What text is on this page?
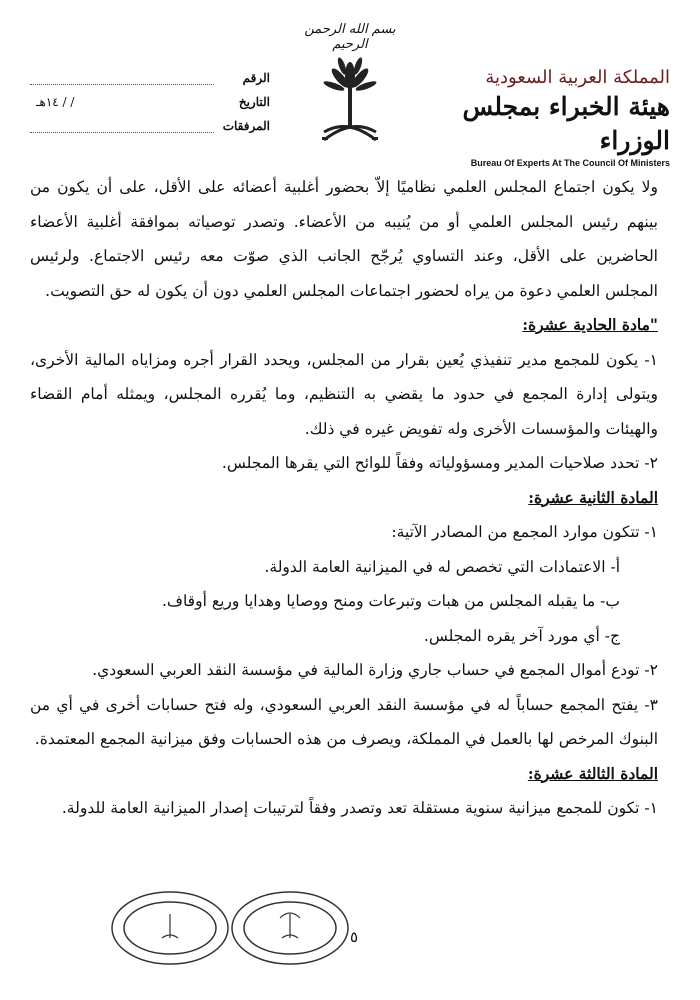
بسم الله الرحمن الرحيم
المملكة العربية السعودية
هيئة الخبراء بمجلس الوزراء
Bureau Of Experts At The Council Of Ministers
الرقم
التاريخ
/ / ١٤هـ
المرفقات

ولا يكون اجتماع المجلس العلمي نظاميًا إلاّ بحضور أغلبية أعضائه على الأقل، على أن يكون من بينهم رئيس المجلس العلمي أو من يُنيبه من الأعضاء. وتصدر توصياته بموافقة أغلبية الأعضاء الحاضرين على الأقل، وعند التساوي يُرجّح الجانب الذي صوّت معه رئيس الاجتماع. ولرئيس المجلس العلمي دعوة من يراه لحضور اجتماعات المجلس العلمي دون أن يكون له حق التصويت.

"مادة الحادية عشرة:

١- يكون للمجمع مدير تنفيذي يُعين بقرار من المجلس، ويحدد القرار أجره ومزاياه المالية الأخرى، ويتولى إدارة المجمع في حدود ما يقضي به التنظيم، وما يُقرره المجلس، ويمثله أمام القضاء والهيئات والمؤسسات الأخرى وله تفويض غيره في ذلك.

٢- تحدد صلاحيات المدير ومسؤولياته وفقاً للوائح التي يقرها المجلس.

المادة الثانية عشرة:

١- تتكون موارد المجمع من المصادر الآتية:

أ- الاعتمادات التي تخصص له في الميزانية العامة الدولة.

ب- ما يقبله المجلس من هبات وتبرعات ومنح ووصايا وهدايا وريع أوقاف.

ج- أي مورد آخر يقره المجلس.

٢- تودع أموال المجمع في حساب جاري وزارة المالية في مؤسسة النقد العربي السعودي.

٣- يفتح المجمع حساباً له في مؤسسة النقد العربي السعودي، وله فتح حسابات أخرى في أي من البنوك المرخص لها بالعمل في المملكة، ويصرف من هذه الحسابات وفق ميزانية المجمع المعتمدة.

المادة الثالثة عشرة:

١- تكون للمجمع ميزانية سنوية مستقلة تعد وتصدر وفقاً لترتيبات إصدار الميزانية العامة للدولة.

٥
